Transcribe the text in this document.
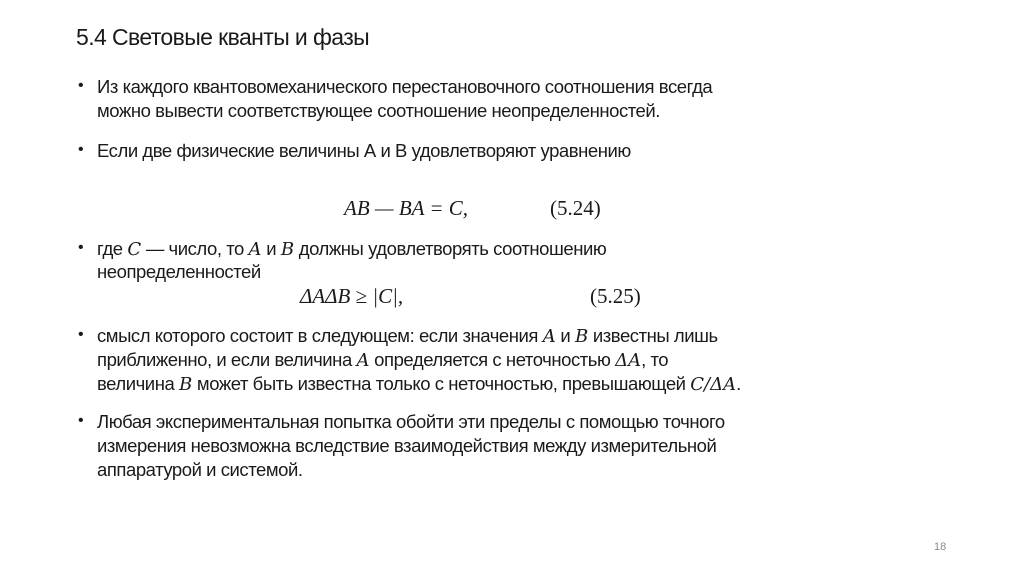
5.4 Световые кванты и фазы
• Из каждого квантовомеханического перестановочного соотношения всегда
можно вывести соответствующее соотношение неопределенностей.
• Если две физические величины А и В удовлетворяют уравнению
• где C — число, то A и B должны удовлетворять соотношению
неопределенностей
• смысл которого состоит в следующем: если значения A и B известны лишь
приближенно, и если величина A определяется с неточностью ΔA, то
величина B может быть известна только с неточностью, превышающей C/ΔA.
• Любая экспериментальная попытка обойти эти пределы с помощью точного
измерения невозможна вследствие взаимодействия между измерительной
аппаратурой и системой.
AB — BA = C,	(5.24)
ΔAΔB ≥ |C|,	(5.25)
18
